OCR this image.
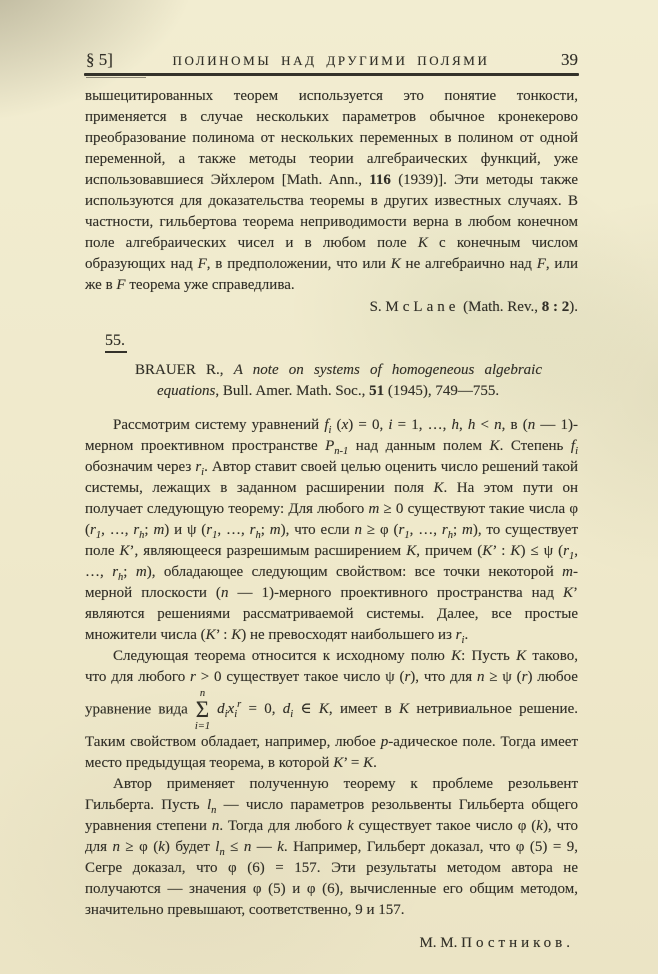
§ 5]	ПОЛИНОМЫ НАД ДРУГИМИ ПОЛЯМИ	39

вышецитированных теорем используется это понятие тонкости, применяется в случае нескольких параметров обычное кронекерово преобразование полинома от нескольких переменных в полином от одной переменной, а также методы теории алгебраических функций, уже использовавшиеся Эйхлером [Math. Ann., 116 (1939)]. Эти методы также используются для доказательства теоремы в других известных случаях. В частности, гильбертова теорема неприводимости верна в любом конечном поле алгебраических чисел и в любом поле K с конечным числом образующих над F, в предположении, что или K не алгебраично над F, или же в F теорема уже справедлива.

S. McLane (Math. Rev., 8 : 2).
55.

BRAUER R., A note on systems of homogeneous algebraic equations, Bull. Amer. Math. Soc., 51 (1945), 749—755.

Рассмотрим систему уравнений $f_i$ (x) = 0, i = 1, …, h, h < n, в (n — 1)-мерном проективном пространстве $P_{n-1}$ над данным полем K. Степень $f_i$ обозначим через $r_i$. Автор ставит своей целью оценить число решений такой системы, лежащих в заданном расширении поля K. На этом пути он получает следующую теорему: Для любого m ≥ 0 существуют такие числа φ ($r_1$, …, $r_h$; m) и ψ ($r_1$, …, $r_h$; m), что если n ≥ φ ($r_1$, …, $r_h$; m), то существует поле K’, являющееся разрешимым расширением K, причем (K’ : K) ≤ ψ ($r_1$, …, $r_h$; m), обладающее следующим свойством: все точки некоторой m-мерной плоскости (n — 1)-мерного проективного пространства над K’ являются решениями рассматриваемой системы. Далее, все простые множители числа (K’ : K) не превосходят наибольшего из $r_i$.

Следующая теорема относится к исходному полю K: Пусть K таково, что для любого r > 0 существует такое число ψ (r), что для n ≥ ψ (r) любое уравнение вида
n
Σ
i=1
$d_ix_i^r = 0$, $d_i$ ∈ K, имеет в K нетривиальное решение. Таким свойством обладает, например, любое p-адическое поле. Тогда имеет место предыдущая теорема, в которой K’ = K.

Автор применяет полученную теорему к проблеме резольвент Гильберта. Пусть $l_n$ — число параметров резольвенты Гильберта общего уравнения степени n. Тогда для любого k существует такое число φ (k), что для n ≥ φ (k) будет $l_n \le n$ — k. Например, Гильберт доказал, что φ (5) = 9, Сегре доказал, что φ (6) = 157. Эти результаты методом автора не получаются — значения φ (5) и φ (6), вычисленные его общим методом, значительно превышают, соответственно, 9 и 157.

М. М. Постников.
